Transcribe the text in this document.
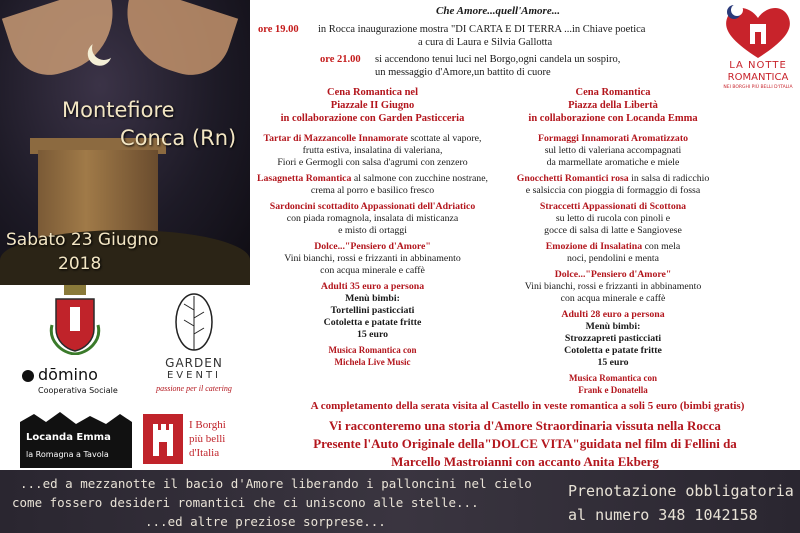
Montefiore
Conca (Rn)
Sabato 23 Giugno
2018
Che Amore...quell'Amore...
ore 19.00 in Rocca inaugurazione mostra "DI CARTA E DI TERRA ...in Chiave poetica
a cura di Laura e Silvia Gallotta
ore 21.00 si accendono tenui luci nel Borgo,ogni candela un sospiro,
un messaggio d'Amore,un battito di cuore
LA NOTTE
ROMANTICA
NEI BORGHI PIÙ BELLI D'ITALIA
Cena Romantica nel
Piazzale II Giugno
in collaborazione con Garden Pasticceria
Tartar di Mazzancolle Innamorate scottate al vapore,
frutta estiva, insalatina di valeriana,
Fiori e Germogli con salsa d'agrumi con zenzero
Lasagnetta Romantica al salmone con zucchine nostrane,
crema al porro e basilico fresco
Sardoncini scottadito Appassionati dell'Adriatico
con piada romagnola, insalata di misticanza
e misto di ortaggi
Dolce..."Pensiero d'Amore"
Vini bianchi, rossi e frizzanti in abbinamento
con acqua minerale e caffè
Adulti 35 euro a persona
Menù bimbi:
Tortellini pasticciati
Cotoletta e patate fritte
15 euro
Musica Romantica con
Michela Live Music
Cena Romantica
Piazza della Libertà
in collaborazione con Locanda Emma
Formaggi Innamorati Aromatizzato
sul letto di valeriana accompagnati
da marmellate aromatiche e miele
Gnocchetti Romantici rosa in salsa di radicchio
e salsiccia con pioggia di formaggio di fossa
Straccetti Appassionati di Scottona
su letto di rucola con pinoli e
gocce di salsa di latte e Sangiovese
Emozione di Insalatina con mela
noci, pendolini e menta
Dolce..."Pensiero d'Amore"
Vini bianchi, rossi e frizzanti in abbinamento
con acqua minerale e caffè
Adulti 28 euro a persona
Menù bimbi:
Strozzapreti pasticciati
Cotoletta e patate fritte
15 euro
Musica Romantica con
Frank e Donatella
dōmino
Cooperativa Sociale
GARDEN
EVENTI
passione per il catering
Locanda Emma
la Romagna a Tavola
I Borghi
più belli
d'Italia
A completamento della serata visita al Castello in veste romantica a soli 5 euro (bimbi gratis)
Vi racconteremo una storia d'Amore Straordinaria vissuta nella Rocca
Presente l'Auto Originale della"DOLCE VITA"guidata nel film di Fellini da
Marcello Mastroianni con accanto Anita Ekberg
...ed a mezzanotte il bacio d'Amore liberando i palloncini nel cielo
come fossero desideri romantici che ci uniscono alle stelle...
...ed altre preziose sorprese...
Prenotazione obbligatoria
al numero 348 1042158
